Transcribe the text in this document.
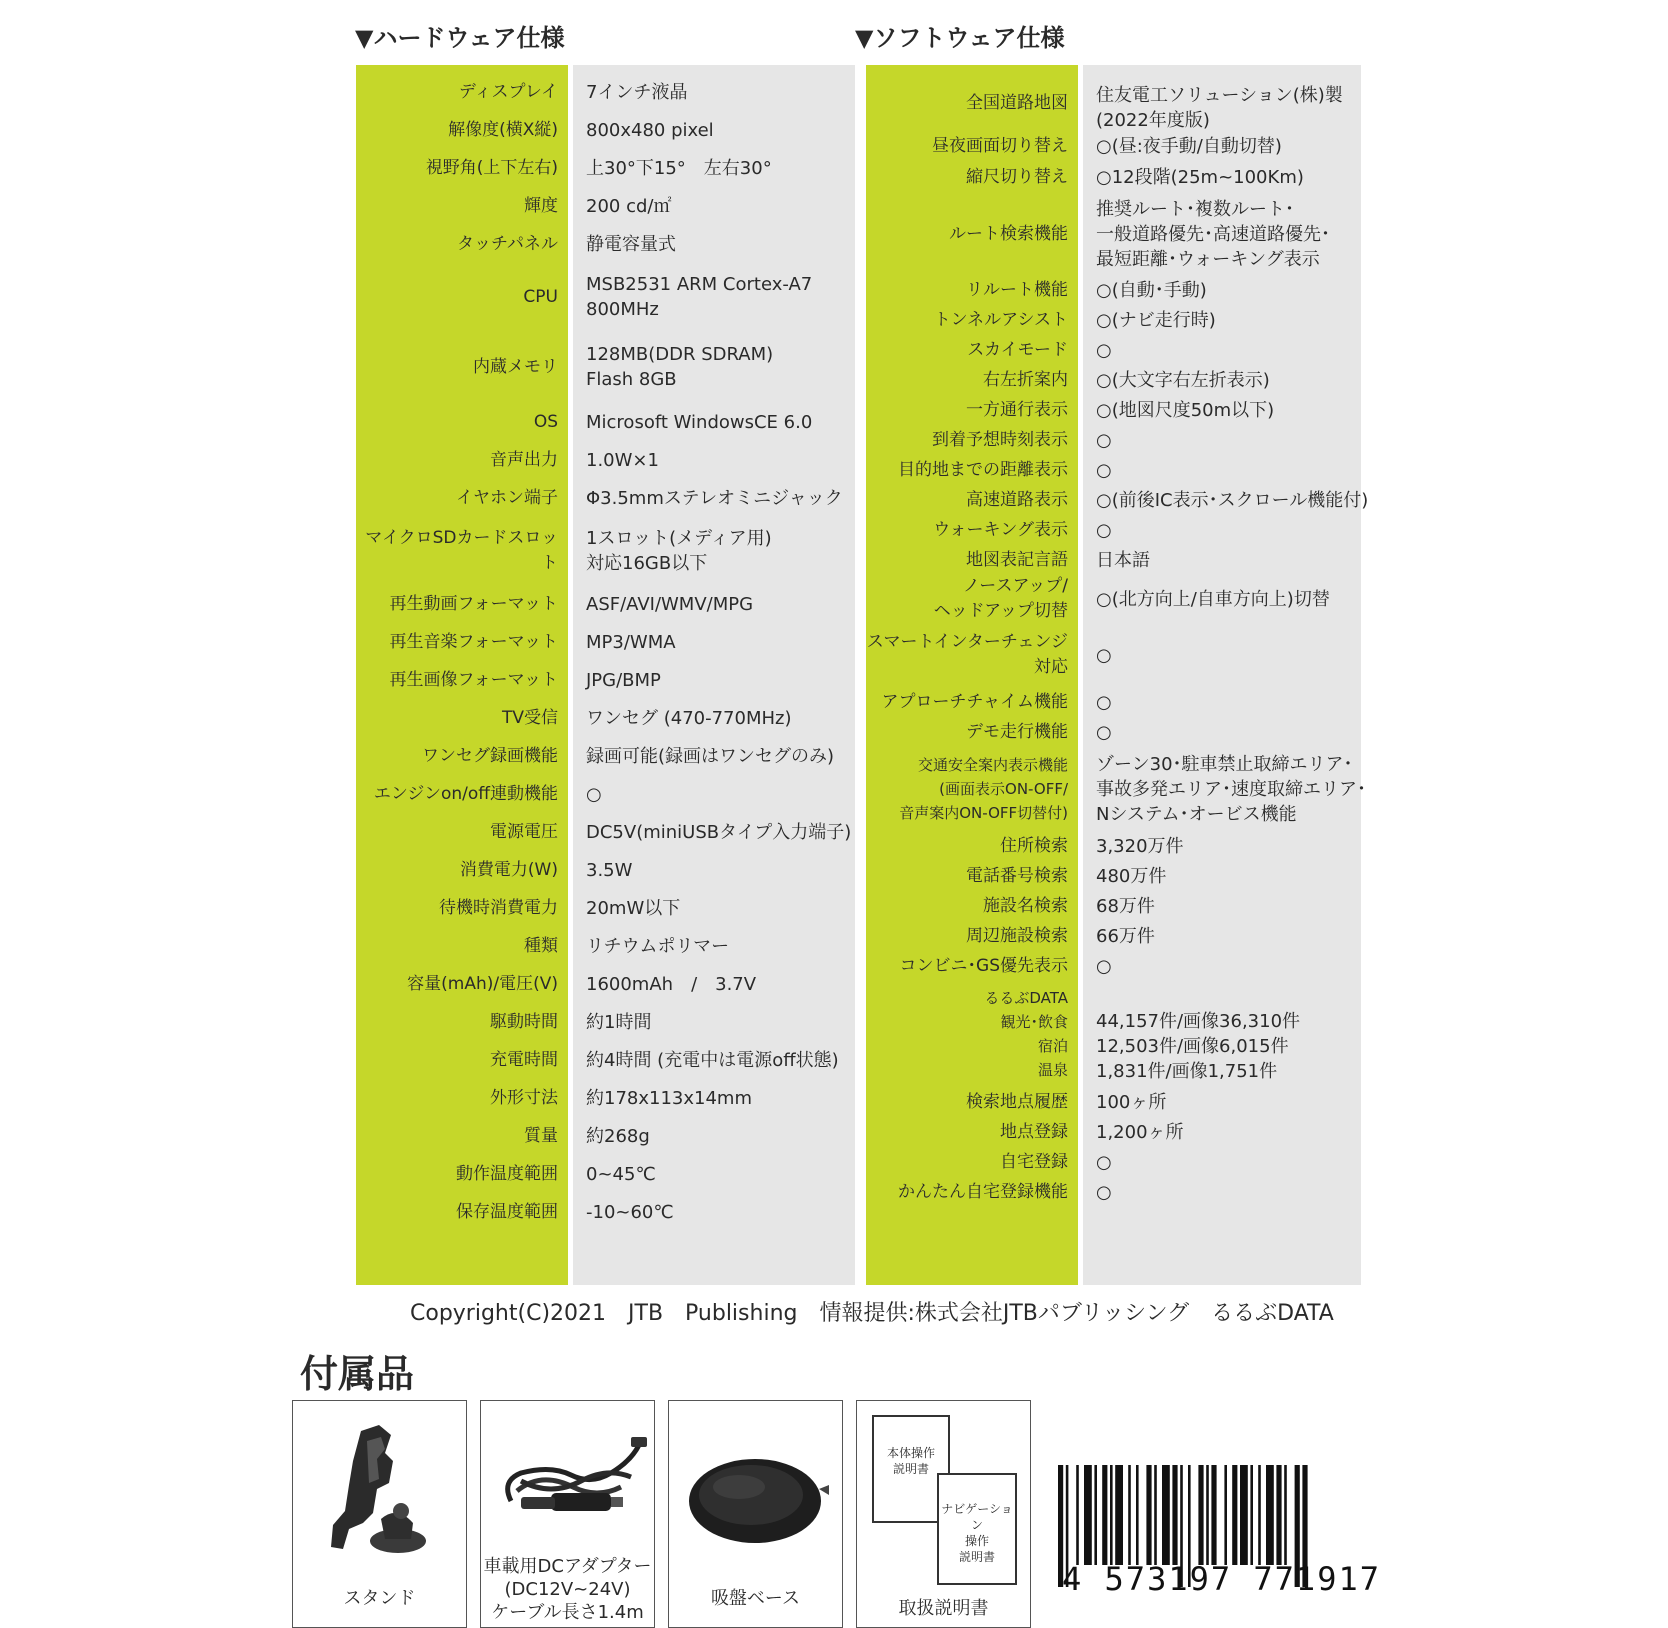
▼ハードウェア仕様	▼ソフトウェア仕様
ディスプレイ 7インチ液晶
解像度(横X縦) 800x480 pixel
視野角(上下左右) 上30°下15°　左右30°
輝度 200 cd/㎡
タッチパネル 静電容量式
CPU
MSB2531 ARM Cortex-A7
800MHz
内蔵メモリ
128MB(DDR SDRAM)
Flash 8GB
OS Microsoft WindowsCE 6.0
音声出力 1.0W×1
イヤホン端子 Φ3.5mmステレオミニジャック
マイクロSDカードスロット
1スロット(メディア用)
対応16GB以下
再生動画フォーマット ASF/AVI/WMV/MPG
再生音楽フォーマット MP3/WMA
再生画像フォーマット JPG/BMP
TV受信 ワンセグ (470-770MHz)
ワンセグ録画機能 録画可能(録画はワンセグのみ)
エンジンon/off連動機能 ○
電源電圧 DC5V(miniUSBタイプ入力端子)
消費電力(W) 3.5W
待機時消費電力 20mW以下
種類 リチウムポリマー
容量(mAh)/電圧(V) 1600mAh　/　3.7V
駆動時間 約1時間
充電時間 約4時間 (充電中は電源off状態)
外形寸法 約178x113x14mm
質量 約268g
動作温度範囲 0~45℃
保存温度範囲 -10~60℃
全国道路地図 住友電工ソリューション(株)製
(2022年度版)
昼夜画面切り替え ○(昼:夜手動/自動切替)
縮尺切り替え ○12段階(25m~100Km)
ルート検索機能
推奨ルート･複数ルート･
一般道路優先･高速道路優先･
最短距離･ウォーキング表示
リルート機能 ○(自動･手動)
トンネルアシスト ○(ナビ走行時)
スカイモード ○
右左折案内 ○(大文字右左折表示)
一方通行表示 ○(地図尺度50m以下)
到着予想時刻表示 ○
目的地までの距離表示 ○
高速道路表示 ○(前後IC表示･スクロール機能付)
ウォーキング表示 ○
地図表記言語 日本語
ノースアップ/
ヘッドアップ切替
○(北方向上/自車方向上)切替
スマートインターチェンジ
対応
○
アプローチチャイム機能 ○
デモ走行機能 ○
交通安全案内表示機能
(画面表示ON-OFF/
音声案内ON-OFF切替付)
ゾーン30･駐車禁止取締エリア･
事故多発エリア･速度取締エリア･
Nシステム･オービス機能
住所検索 3,320万件
電話番号検索 480万件
施設名検索 68万件
周辺施設検索 66万件
コンビニ･GS優先表示 ○
るるぶDATA
観光･飲食
宿泊
温泉
44,157件/画像36,310件
12,503件/画像6,015件
1,831件/画像1,751件
検索地点履歴 100ヶ所
地点登録 1,200ヶ所
自宅登録 ○
かんたん自宅登録機能 ○
Copyright(C)2021　JTB　Publishing　情報提供:株式会社JTBパブリッシング　るるぶDATA
付属品
スタンド
車載用DCアダプター
(DC12V~24V)
ケーブル長さ1.4m
吸盤ベース
本体操作
説明書
ナビゲーション
操作
説明書
取扱説明書
4 573197 771917
